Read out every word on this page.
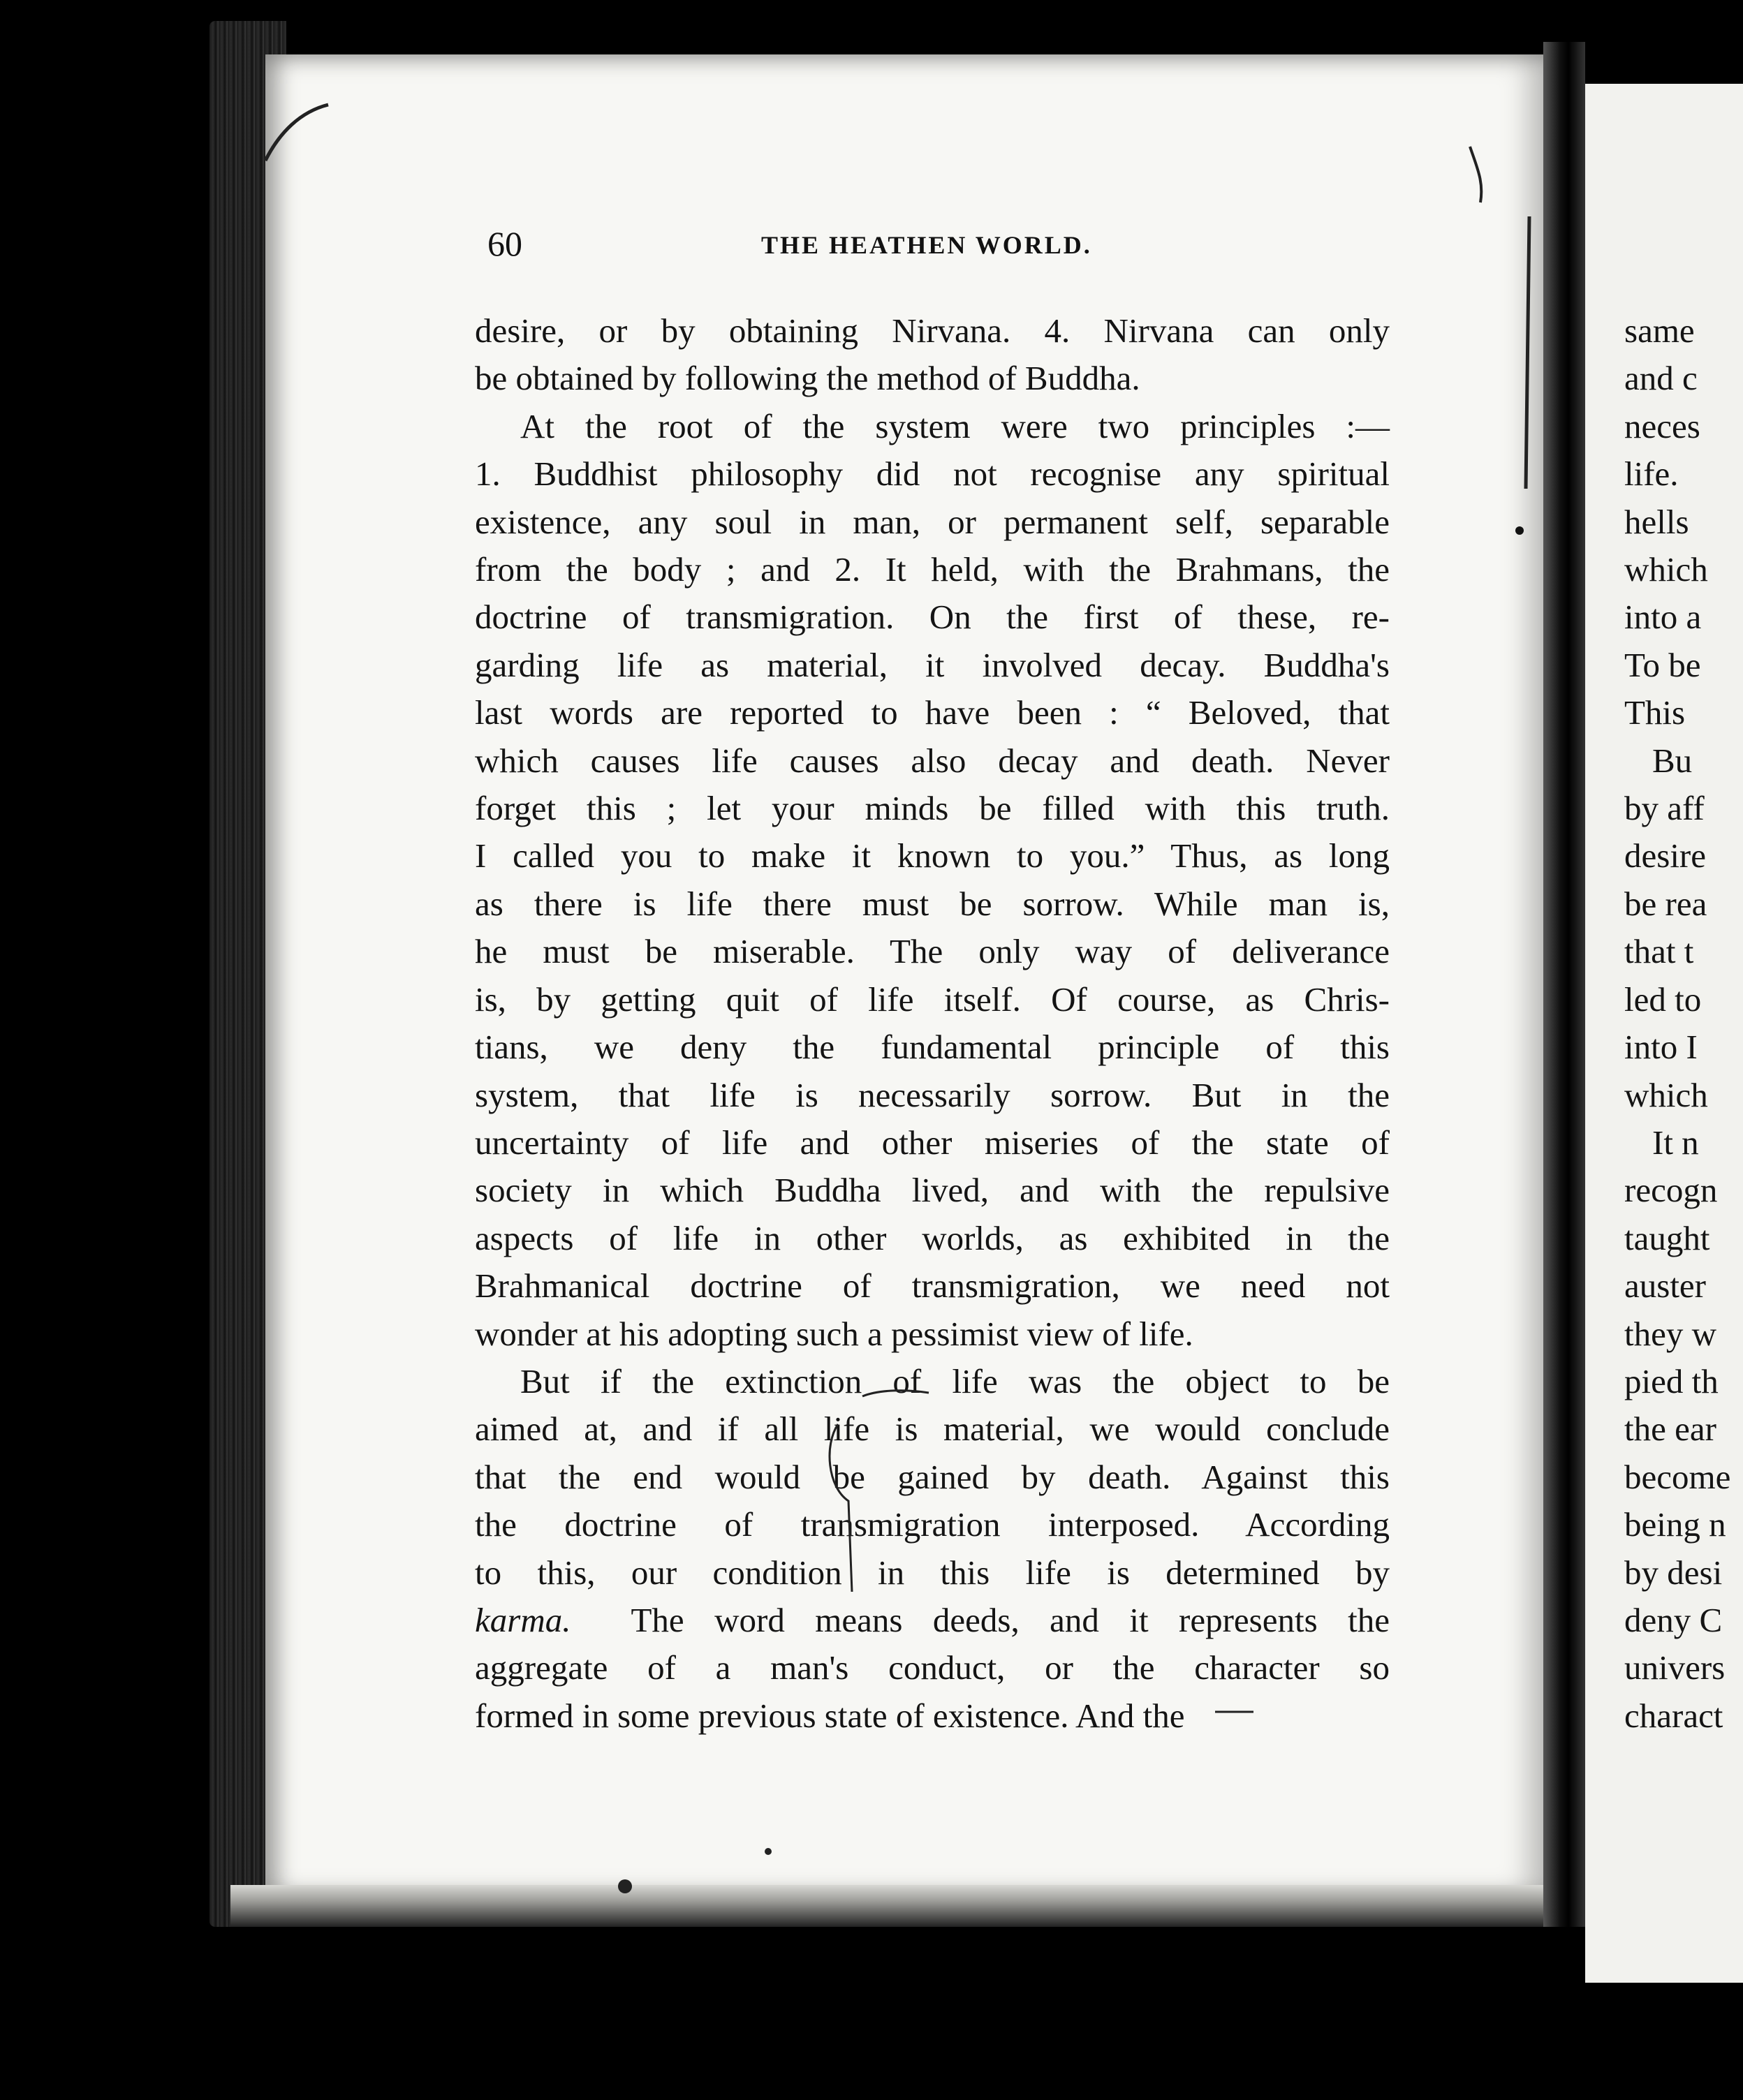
60	THE HEATHEN WORLD.
desire, or by obtaining Nirvana. 4. Nirvana can only
be obtained by following the method of Buddha.
At the root of the system were two principles :—
1. Buddhist philosophy did not recognise any spiritual
existence, any soul in man, or permanent self, separable
from the body ; and 2. It held, with the Brahmans, the
doctrine of transmigration. On the first of these, re-
garding life as material, it involved decay. Buddha's
last words are reported to have been : “ Beloved, that
which causes life causes also decay and death. Never
forget this ; let your minds be filled with this truth.
I called you to make it known to you.” Thus, as long
as there is life there must be sorrow. While man is,
he must be miserable. The only way of deliverance
is, by getting quit of life itself. Of course, as Chris-
tians, we deny the fundamental principle of this
system, that life is necessarily sorrow. But in the
uncertainty of life and other miseries of the state of
society in which Buddha lived, and with the repulsive
aspects of life in other worlds, as exhibited in the
Brahmanical doctrine of transmigration, we need not
wonder at his adopting such a pessimist view of life.
But if the extinction of life was the object to be
aimed at, and if all life is material, we would conclude
that the end would be gained by death. Against this
the doctrine of transmigration interposed. According
to this, our condition in this life is determined by
karma. The word means deeds, and it represents the
aggregate of a man's conduct, or the character so
formed in some previous state of existence. And the
same
and c
neces
life.
hells
which
into a
To be
This
Bu
by aff
desire
be rea
that t
led to
into I
which
It n
recogn
taught
auster
they w
pied th
the ear
become
being n
by desi
deny C
univers
charact
